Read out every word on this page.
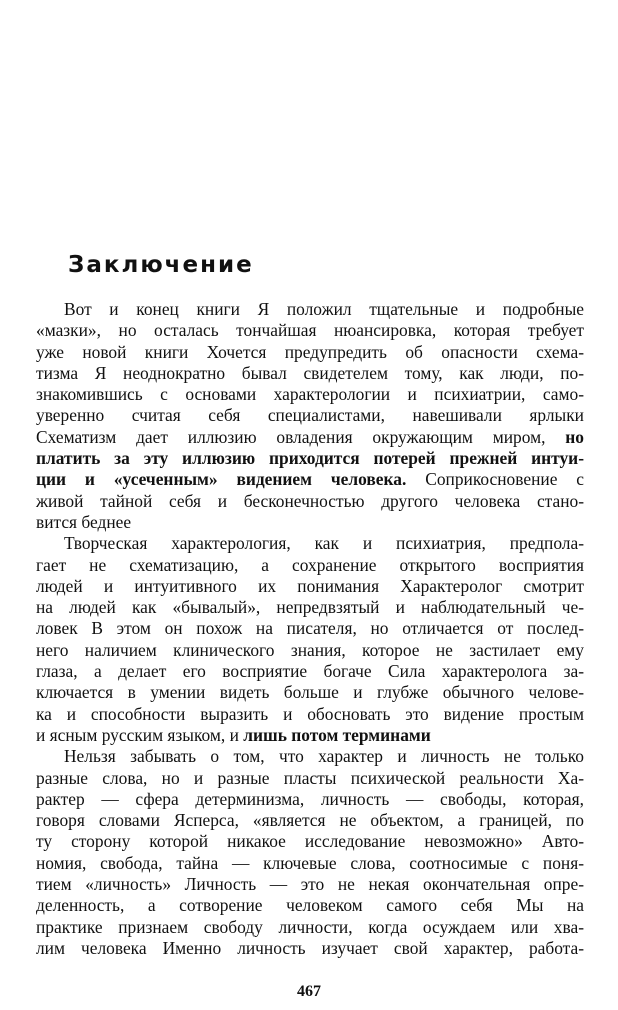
Заключение
Вот и конец книги Я положил тщательные и подробные
«мазки», но осталась тончайшая нюансировка, которая требует
уже новой книги Хочется предупредить об опасности схема-
тизма Я неоднократно бывал свидетелем тому, как люди, по-
знакомившись с основами характерологии и психиатрии, само-
уверенно считая себя специалистами, навешивали ярлыки
Схематизм дает иллюзию овладения окружающим миром, но
платить за эту иллюзию приходится потерей прежней интуи-
ции и «усеченным» видением человека. Соприкосновение с
живой тайной себя и бесконечностью другого человека стано-
вится беднее
Творческая характерология, как и психиатрия, предпола-
гает не схематизацию, а сохранение открытого восприятия
людей и интуитивного их понимания Характеролог смотрит
на людей как «бывалый», непредвзятый и наблюдательный че-
ловек В этом он похож на писателя, но отличается от послед-
него наличием клинического знания, которое не застилает ему
глаза, а делает его восприятие богаче Сила характеролога за-
ключается в умении видеть больше и глубже обычного челове-
ка и способности выразить и обосновать это видение простым
и ясным русским языком, и лишь потом терминами
Нельзя забывать о том, что характер и личность не только
разные слова, но и разные пласты психической реальности Ха-
рактер — сфера детерминизма, личность — свободы, которая,
говоря словами Ясперса, «является не объектом, а границей, по
ту сторону которой никакое исследование невозможно» Авто-
номия, свобода, тайна — ключевые слова, соотносимые с поня-
тием «личность» Личность — это не некая окончательная опре-
деленность, а сотворение человеком самого себя Мы на
практике признаем свободу личности, когда осуждаем или хва-
лим человека Именно личность изучает свой характер, работа-
467
